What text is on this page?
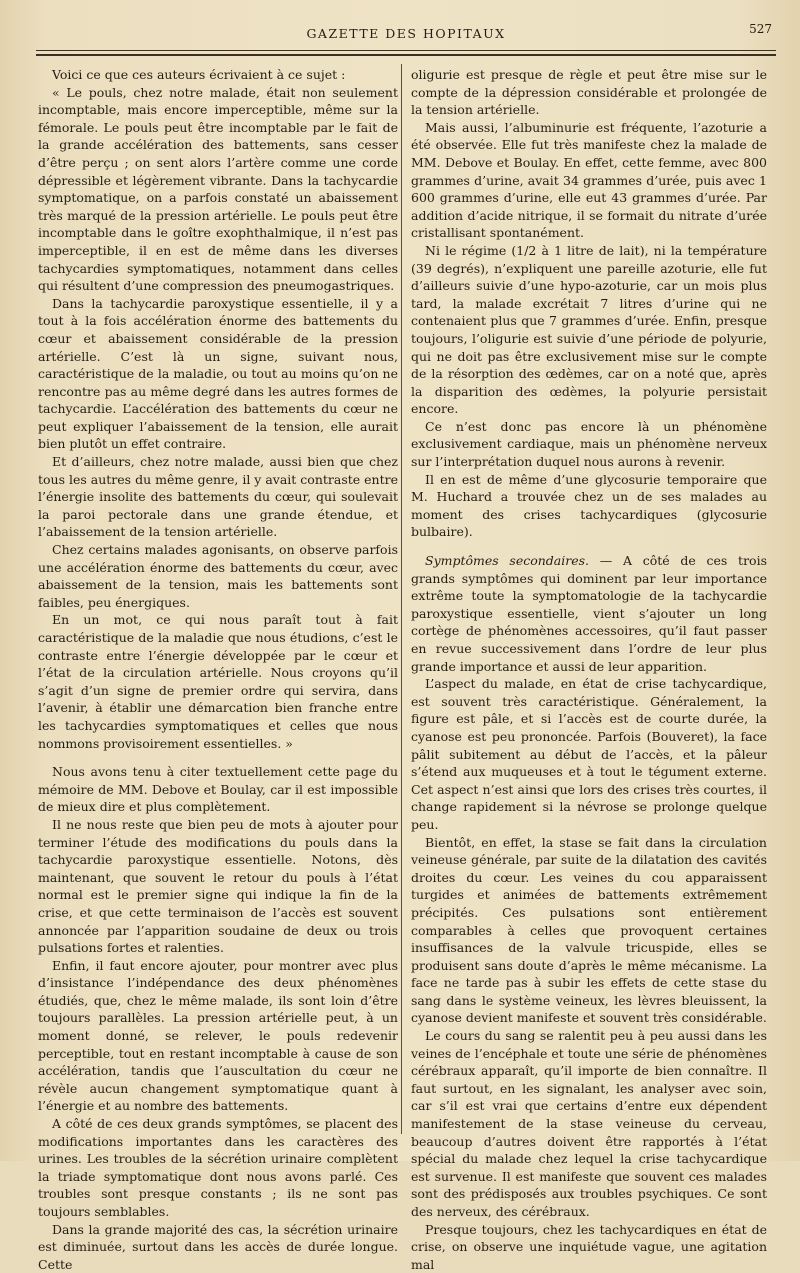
GAZETTE DES HOPITAUX	527

Voici ce que ces auteurs écrivaient à ce sujet :

« Le pouls, chez notre malade, était non seulement incomptable, mais encore imperceptible, même sur la fémorale. Le pouls peut être incomptable par le fait de la grande accélération des battements, sans cesser d’être perçu ; on sent alors l’artère comme une corde dépressible et légèrement vibrante. Dans la tachycardie symptomatique, on a parfois constaté un abaissement très marqué de la pression artérielle. Le pouls peut être incomptable dans le goître exophthalmique, il n’est pas imperceptible, il en est de même dans les diverses tachycardies symptomatiques, notamment dans celles qui résultent d’une compression des pneumogastriques.

Dans la tachycardie paroxystique essentielle, il y a tout à la fois accélération énorme des battements du cœur et abaissement considérable de la pression artérielle. C’est là un signe, suivant nous, caractéristique de la maladie, ou tout au moins qu’on ne rencontre pas au même degré dans les autres formes de tachycardie. L’accélération des battements du cœur ne peut expliquer l’abaissement de la tension, elle aurait bien plutôt un effet contraire.

Et d’ailleurs, chez notre malade, aussi bien que chez tous les autres du même genre, il y avait contraste entre l’énergie insolite des battements du cœur, qui soulevait la paroi pectorale dans une grande étendue, et l’abaissement de la tension artérielle.

Chez certains malades agonisants, on observe parfois une accélération énorme des battements du cœur, avec abaissement de la tension, mais les battements sont faibles, peu énergiques.

En un mot, ce qui nous paraît tout à fait caractéristique de la maladie que nous étudions, c’est le contraste entre l’énergie développée par le cœur et l’état de la circulation artérielle. Nous croyons qu’il s’agit d’un signe de premier ordre qui servira, dans l’avenir, à établir une démarcation bien franche entre les tachycardies symptomatiques et celles que nous nommons provisoirement essentielles. »

Nous avons tenu à citer textuellement cette page du mémoire de MM. Debove et Boulay, car il est impossible de mieux dire et plus complètement.

Il ne nous reste que bien peu de mots à ajouter pour terminer l’étude des modifications du pouls dans la tachycardie paroxystique essentielle. Notons, dès maintenant, que souvent le retour du pouls à l’état normal est le premier signe qui indique la fin de la crise, et que cette terminaison de l’accès est souvent annoncée par l’apparition soudaine de deux ou trois pulsations fortes et ralenties.

Enfin, il faut encore ajouter, pour montrer avec plus d’insistance l’indépendance des deux phénomènes étudiés, que, chez le même malade, ils sont loin d’être toujours parallèles. La pression artérielle peut, à un moment donné, se relever, le pouls redevenir perceptible, tout en restant incomptable à cause de son accélération, tandis que l’auscultation du cœur ne révèle aucun changement symptomatique quant à l’énergie et au nombre des battements.

A côté de ces deux grands symptômes, se placent des modifications importantes dans les caractères des urines. Les troubles de la sécrétion urinaire complètent la triade symptomatique dont nous avons parlé. Ces troubles sont presque constants ; ils ne sont pas toujours semblables.

Dans la grande majorité des cas, la sécrétion urinaire est diminuée, surtout dans les accès de durée longue. Cette

oligurie est presque de règle et peut être mise sur le compte de la dépression considérable et prolongée de la tension artérielle.

Mais aussi, l’albuminurie est fréquente, l’azoturie a été observée. Elle fut très manifeste chez la malade de MM. Debove et Boulay. En effet, cette femme, avec 800 grammes d’urine, avait 34 grammes d’urée, puis avec 1 600 grammes d’urine, elle eut 43 grammes d’urée. Par addition d’acide nitrique, il se formait du nitrate d’urée cristallisant spontanément.

Ni le régime (1/2 à 1 litre de lait), ni la température (39 degrés), n’expliquent une pareille azoturie, elle fut d’ailleurs suivie d’une hypo-azoturie, car un mois plus tard, la malade excrétait 7 litres d’urine qui ne contenaient plus que 7 grammes d’urée. Enfin, presque toujours, l’oligurie est suivie d’une période de polyurie, qui ne doit pas être exclusivement mise sur le compte de la résorption des œdèmes, car on a noté que, après la disparition des œdèmes, la polyurie persistait encore.

Ce n’est donc pas encore là un phénomène exclusivement cardiaque, mais un phénomène nerveux sur l’interprétation duquel nous aurons à revenir.

Il en est de même d’une glycosurie temporaire que M. Huchard a trouvée chez un de ses malades au moment des crises tachycardiques (glycosurie bulbaire).

Symptômes secondaires. — A côté de ces trois grands symptômes qui dominent par leur importance extrême toute la symptomatologie de la tachycardie paroxystique essentielle, vient s’ajouter un long cortège de phénomènes accessoires, qu’il faut passer en revue successivement dans l’ordre de leur plus grande importance et aussi de leur apparition.

L’aspect du malade, en état de crise tachycardique, est souvent très caractéristique. Généralement, la figure est pâle, et si l’accès est de courte durée, la cyanose est peu prononcée. Parfois (Bouveret), la face pâlit subitement au début de l’accès, et la pâleur s’étend aux muqueuses et à tout le tégument externe. Cet aspect n’est ainsi que lors des crises très courtes, il change rapidement si la névrose se prolonge quelque peu.

Bientôt, en effet, la stase se fait dans la circulation veineuse générale, par suite de la dilatation des cavités droites du cœur. Les veines du cou apparaissent turgides et animées de battements extrêmement précipités. Ces pulsations sont entièrement comparables à celles que provoquent certaines insuffisances de la valvule tricuspide, elles se produisent sans doute d’après le même mécanisme. La face ne tarde pas à subir les effets de cette stase du sang dans le système veineux, les lèvres bleuissent, la cyanose devient manifeste et souvent très considérable.

Le cours du sang se ralentit peu à peu aussi dans les veines de l’encéphale et toute une série de phénomènes cérébraux apparaît, qu’il importe de bien connaître. Il faut surtout, en les signalant, les analyser avec soin, car s’il est vrai que certains d’entre eux dépendent manifestement de la stase veineuse du cerveau, beaucoup d’autres doivent être rapportés à l’état spécial du malade chez lequel la crise tachycardique est survenue. Il est manifeste que souvent ces malades sont des prédisposés aux troubles psychiques. Ce sont des nerveux, des cérébraux.

Presque toujours, chez les tachycardiques en état de crise, on observe une inquiétude vague, une agitation mal
